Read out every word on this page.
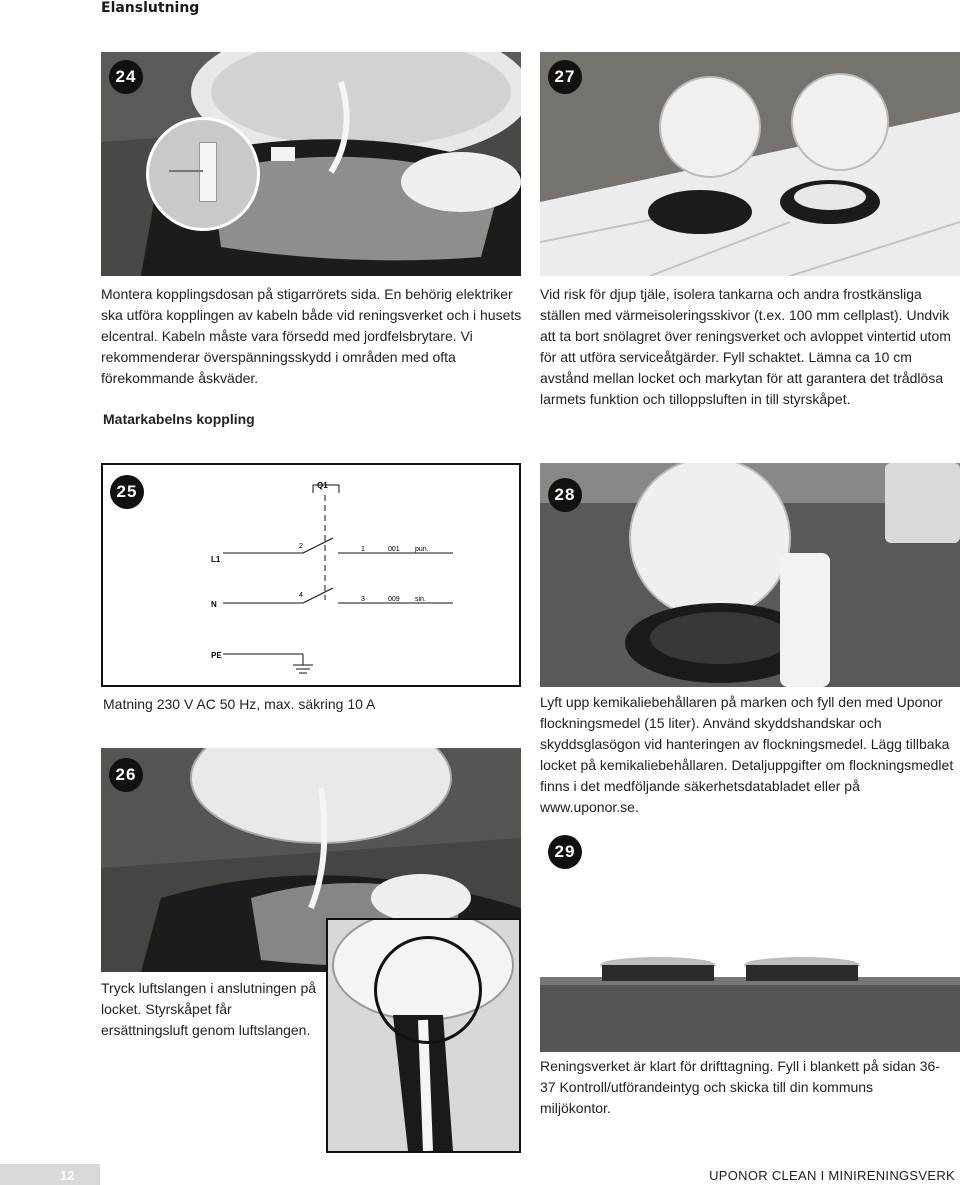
Elanslutning
24	27
Montera kopplingsdosan på stigarrörets sida. En behörig elektriker ska utföra kopplingen av kabeln både vid reningsverket och i husets elcentral. Kabeln måste vara försedd med jordfelsbrytare. Vi rekommenderar överspänningsskydd i områden med ofta förekommande åskväder.
Matarkabelns koppling
Vid risk för djup tjäle, isolera tankarna och andra frostkänsliga ställen med värmeisoleringsskivor (t.ex. 100 mm cellplast). Undvik att ta bort snölagret över reningsverket och avloppet vintertid utom för att utföra serviceåtgärder. Fyll schaktet. Lämna ca 10 cm avstånd mellan locket och markytan för att garantera det trådlösa larmets funktion och tilloppsluften in till styrskåpet.
25	Q1
L1
2	1	001 pun.
N
4
3	009 sin.
PE
28
Matning 230 V AC 50 Hz, max. säkring 10 A	Lyft upp kemikaliebehållaren på marken och fyll den med Uponor flockningsmedel (15 liter). Använd skyddshandskar och skyddsglasögon vid hanteringen av flockningsmedel. Lägg tillbaka locket på kemikaliebehållaren. Detaljuppgifter om flockningsmedlet finns i det medföljande säkerhetsdatabladet eller på www.uponor.se.
26
Tryck luftslangen i anslutningen på locket. Styrskåpet får ersättningsluft genom luftslangen.
29
Reningsverket är klart för drifttagning. Fyll i blankett på sidan 36-37 Kontroll/utförandeintyg och skicka till din kommuns miljökontor.
12	UPONOR CLEAN I MINIRENINGSVERK
